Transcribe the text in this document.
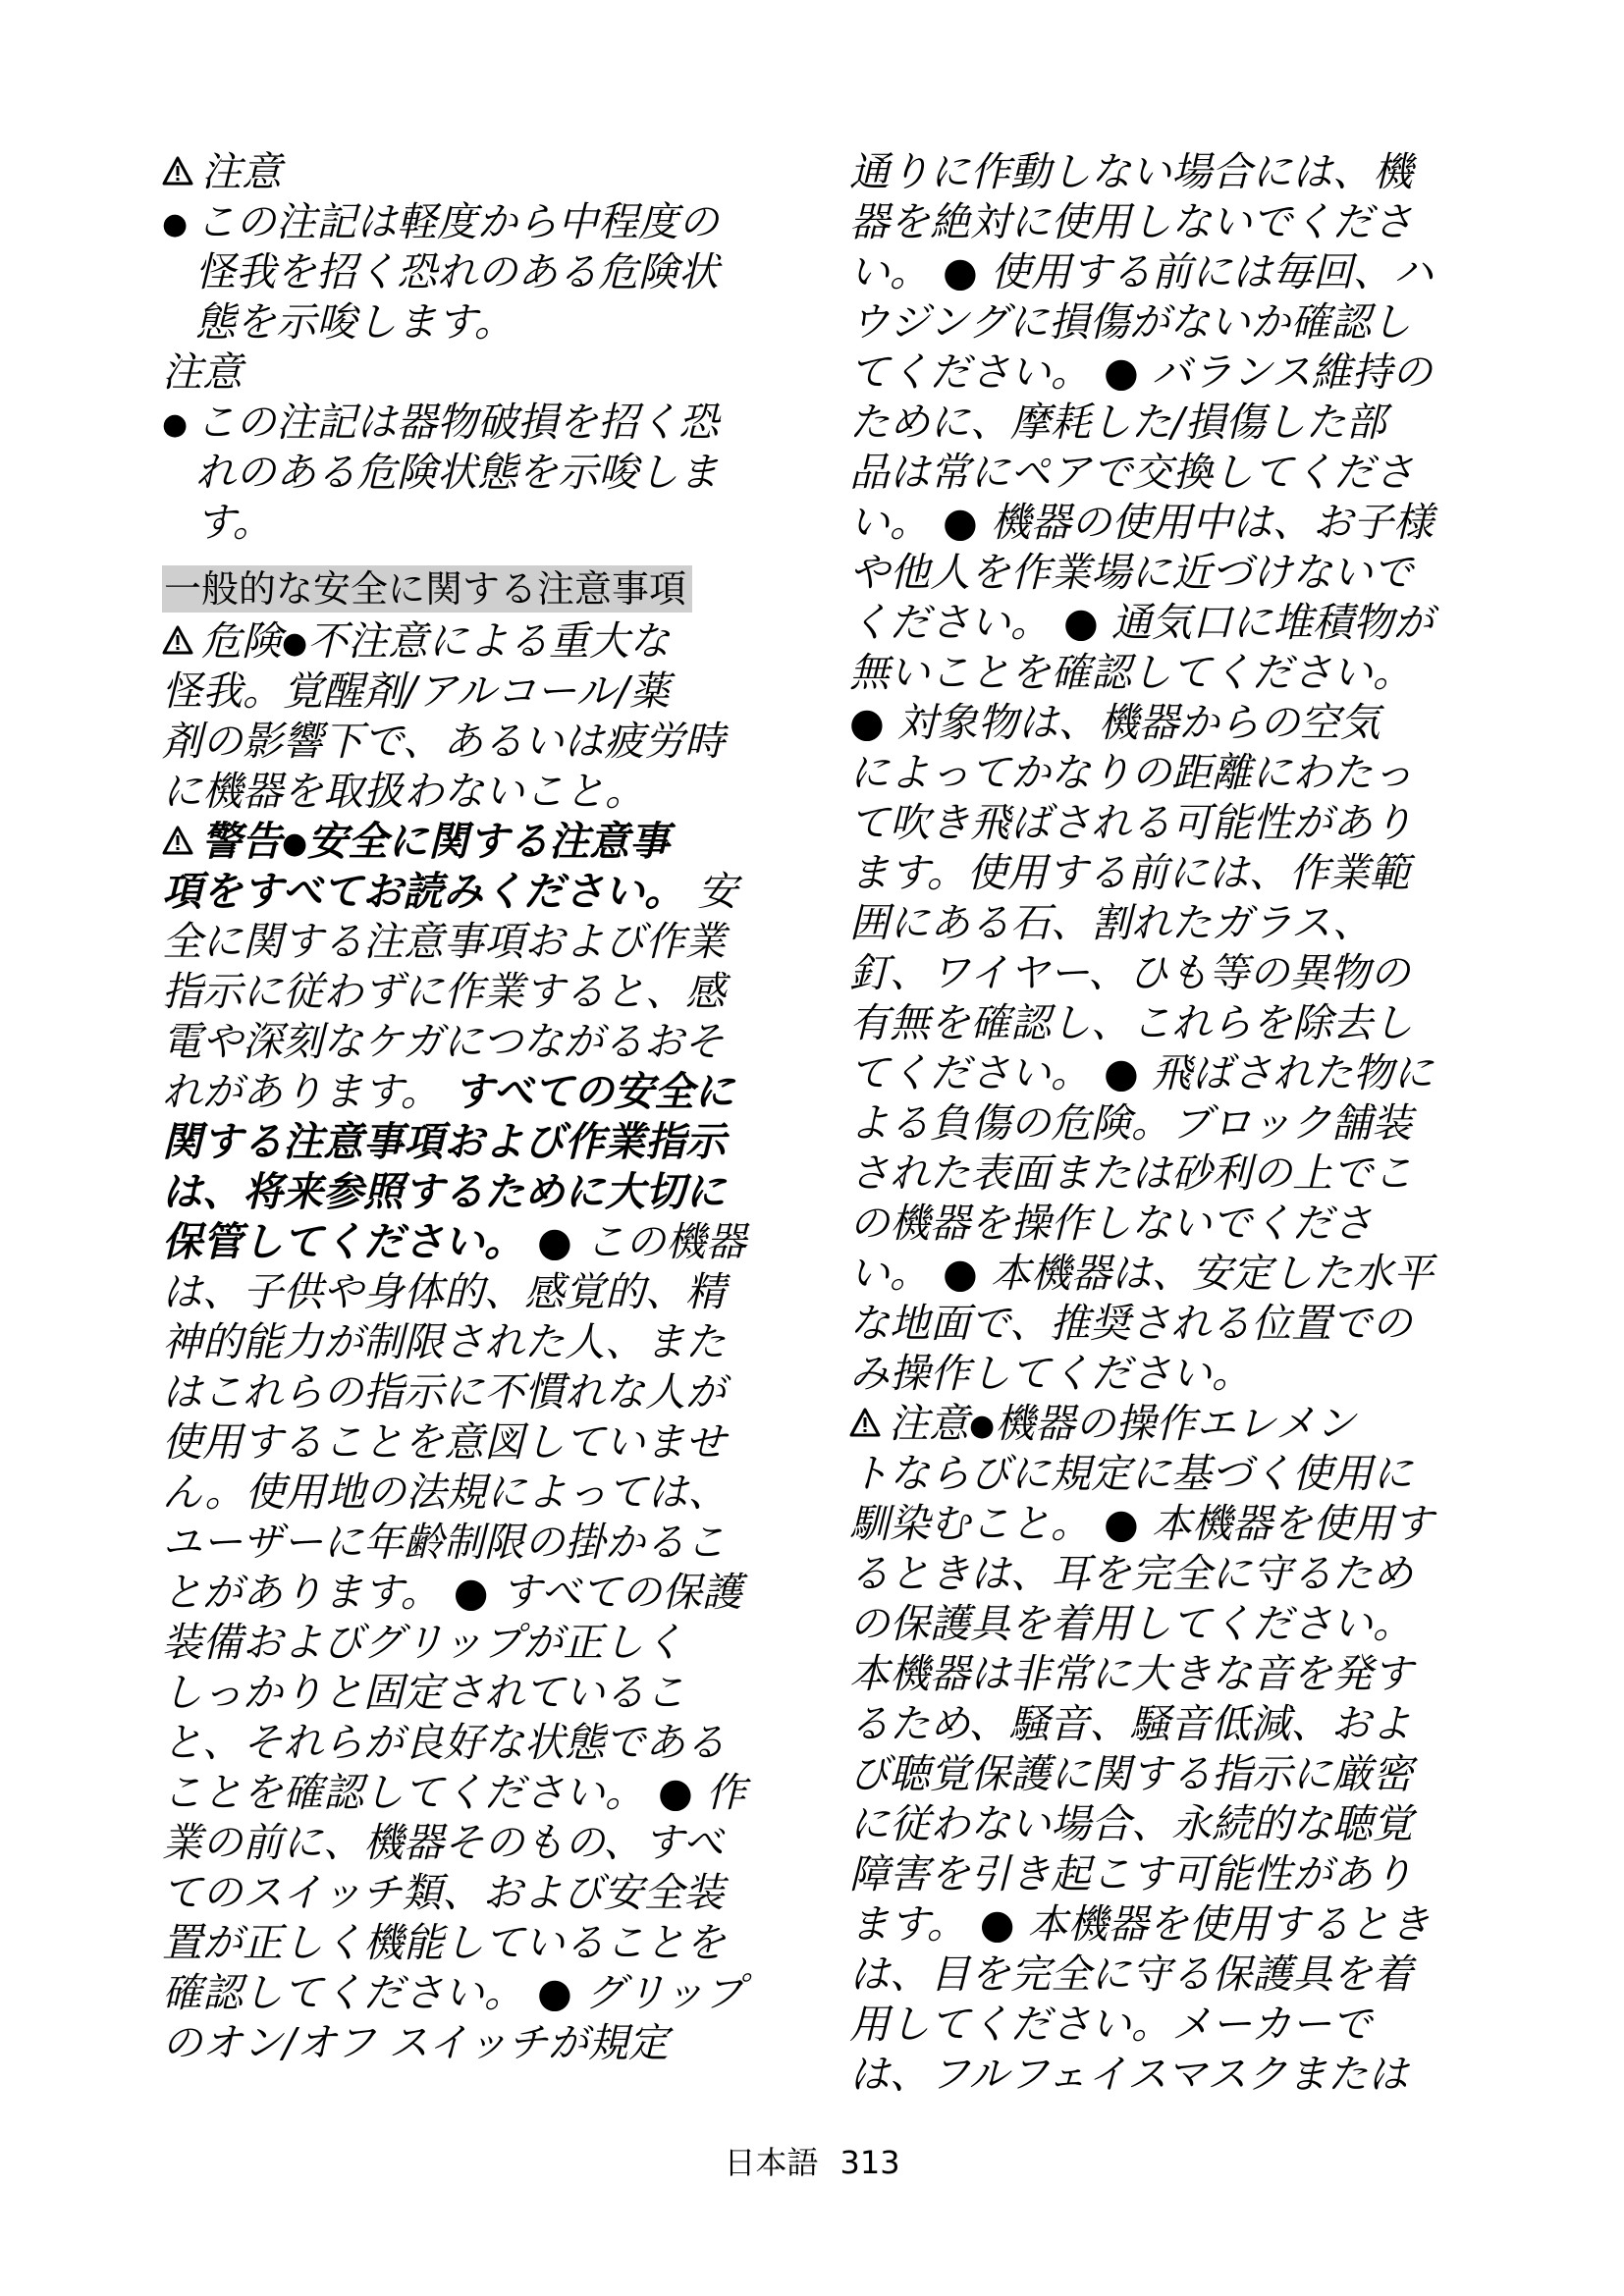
注意
● この注記は軽度から中程度の
怪我を招く恐れのある危険状
態を示唆します。
注意
● この注記は器物破損を招く恐
れのある危険状態を示唆しま
す。
一般的な安全に関する注意事項
危険●不注意による重大な
怪我。覚醒剤/アルコール/薬
剤の影響下で、あるいは疲労時
に機器を取扱わないこと。
警告●安全に関する注意事
項をすべてお読みください。 安
全に関する注意事項および作業
指示に従わずに作業すると、感
電や深刻なケガにつながるおそ
れがあります。 すべての安全に
関する注意事項および作業指示
は、将来参照するために大切に
保管してください。 ● この機器
は、子供や身体的、感覚的、精
神的能力が制限された人、また
はこれらの指示に不慣れな人が
使用することを意図していませ
ん。使用地の法規によっては、
ユーザーに年齢制限の掛かるこ
とがあります。 ● すべての保護
装備およびグリップが正しく
しっかりと固定されているこ
と、それらが良好な状態である
ことを確認してください。 ● 作
業の前に、機器そのもの、すべ
てのスイッチ類、および安全装
置が正しく機能していることを
確認してください。 ● グリップ
のオン/オフ スイッチが規定
通りに作動しない場合には、機
器を絶対に使用しないでくださ
い。 ● 使用する前には毎回、ハ
ウジングに損傷がないか確認し
てください。 ● バランス維持の
ために、摩耗した/損傷した部
品は常にペアで交換してくださ
い。 ● 機器の使用中は、お子様
や他人を作業場に近づけないで
ください。 ● 通気口に堆積物が
無いことを確認してください。
● 対象物は、機器からの空気
によってかなりの距離にわたっ
て吹き飛ばされる可能性があり
ます。使用する前には、作業範
囲にある石、割れたガラス、
釘、ワイヤー、ひも等の異物の
有無を確認し、これらを除去し
てください。 ● 飛ばされた物に
よる負傷の危険。ブロック舗装
された表面または砂利の上でこ
の機器を操作しないでくださ
い。 ● 本機器は、安定した水平
な地面で、推奨される位置での
み操作してください。
注意●機器の操作エレメン
トならびに規定に基づく使用に
馴染むこと。 ● 本機器を使用す
るときは、耳を完全に守るため
の保護具を着用してください。
本機器は非常に大きな音を発す
るため、騒音、騒音低減、およ
び聴覚保護に関する指示に厳密
に従わない場合、永続的な聴覚
障害を引き起こす可能性があり
ます。 ● 本機器を使用するとき
は、目を完全に守る保護具を着
用してください。メーカーで
は、フルフェイスマスクまたは
日本語 313
